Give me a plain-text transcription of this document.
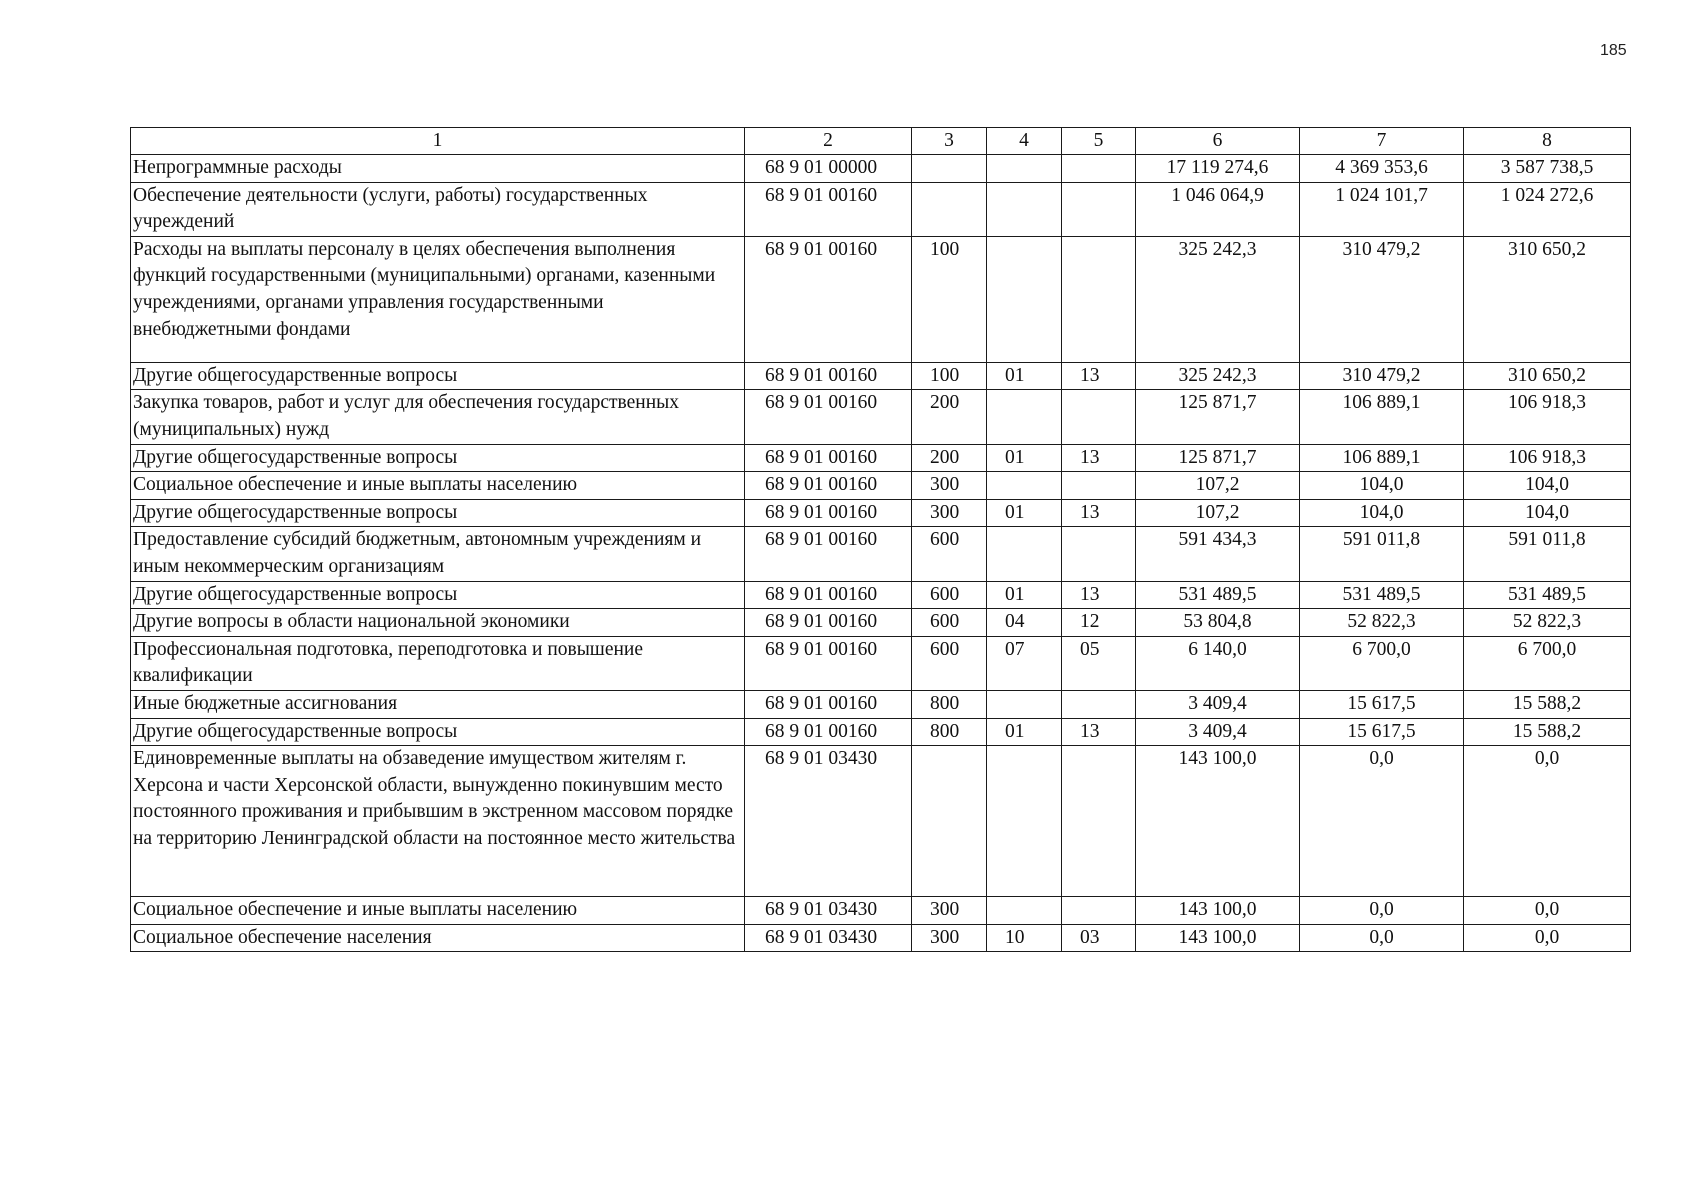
185
1	2	3	4	5	6	7	8
Непрограммные расходы	68 9 01 00000				17 119 274,6	4 369 353,6	3 587 738,5
Обеспечение деятельности (услуги, работы) государственных учреждений	68 9 01 00160				1 046 064,9	1 024 101,7	1 024 272,6
Расходы на выплаты персоналу в целях обеспечения выполнения функций государственными (муниципальными) органами, казенными учреждениями, органами управления государственными внебюджетными фондами	68 9 01 00160	100			325 242,3	310 479,2	310 650,2
Другие общегосударственные вопросы	68 9 01 00160	100	01	13	325 242,3	310 479,2	310 650,2
Закупка товаров, работ и услуг для обеспечения государственных (муниципальных) нужд	68 9 01 00160	200			125 871,7	106 889,1	106 918,3
Другие общегосударственные вопросы	68 9 01 00160	200	01	13	125 871,7	106 889,1	106 918,3
Социальное обеспечение и иные выплаты населению	68 9 01 00160	300			107,2	104,0	104,0
Другие общегосударственные вопросы	68 9 01 00160	300	01	13	107,2	104,0	104,0
Предоставление субсидий бюджетным, автономным учреждениям и иным некоммерческим организациям	68 9 01 00160	600			591 434,3	591 011,8	591 011,8
Другие общегосударственные вопросы	68 9 01 00160	600	01	13	531 489,5	531 489,5	531 489,5
Другие вопросы в области национальной экономики	68 9 01 00160	600	04	12	53 804,8	52 822,3	52 822,3
Профессиональная подготовка, переподготовка и повышение квалификации	68 9 01 00160	600	07	05	6 140,0	6 700,0	6 700,0
Иные бюджетные ассигнования	68 9 01 00160	800			3 409,4	15 617,5	15 588,2
Другие общегосударственные вопросы	68 9 01 00160	800	01	13	3 409,4	15 617,5	15 588,2
Единовременные выплаты на обзаведение имуществом жителям г. Херсона и части Херсонской области, вынужденно покинувшим место постоянного проживания и прибывшим в экстренном массовом порядке на территорию Ленинградской области на постоянное место жительства	68 9 01 03430				143 100,0	0,0	0,0
Социальное обеспечение и иные выплаты населению	68 9 01 03430	300			143 100,0	0,0	0,0
Социальное обеспечение населения	68 9 01 03430	300	10	03	143 100,0	0,0	0,0
